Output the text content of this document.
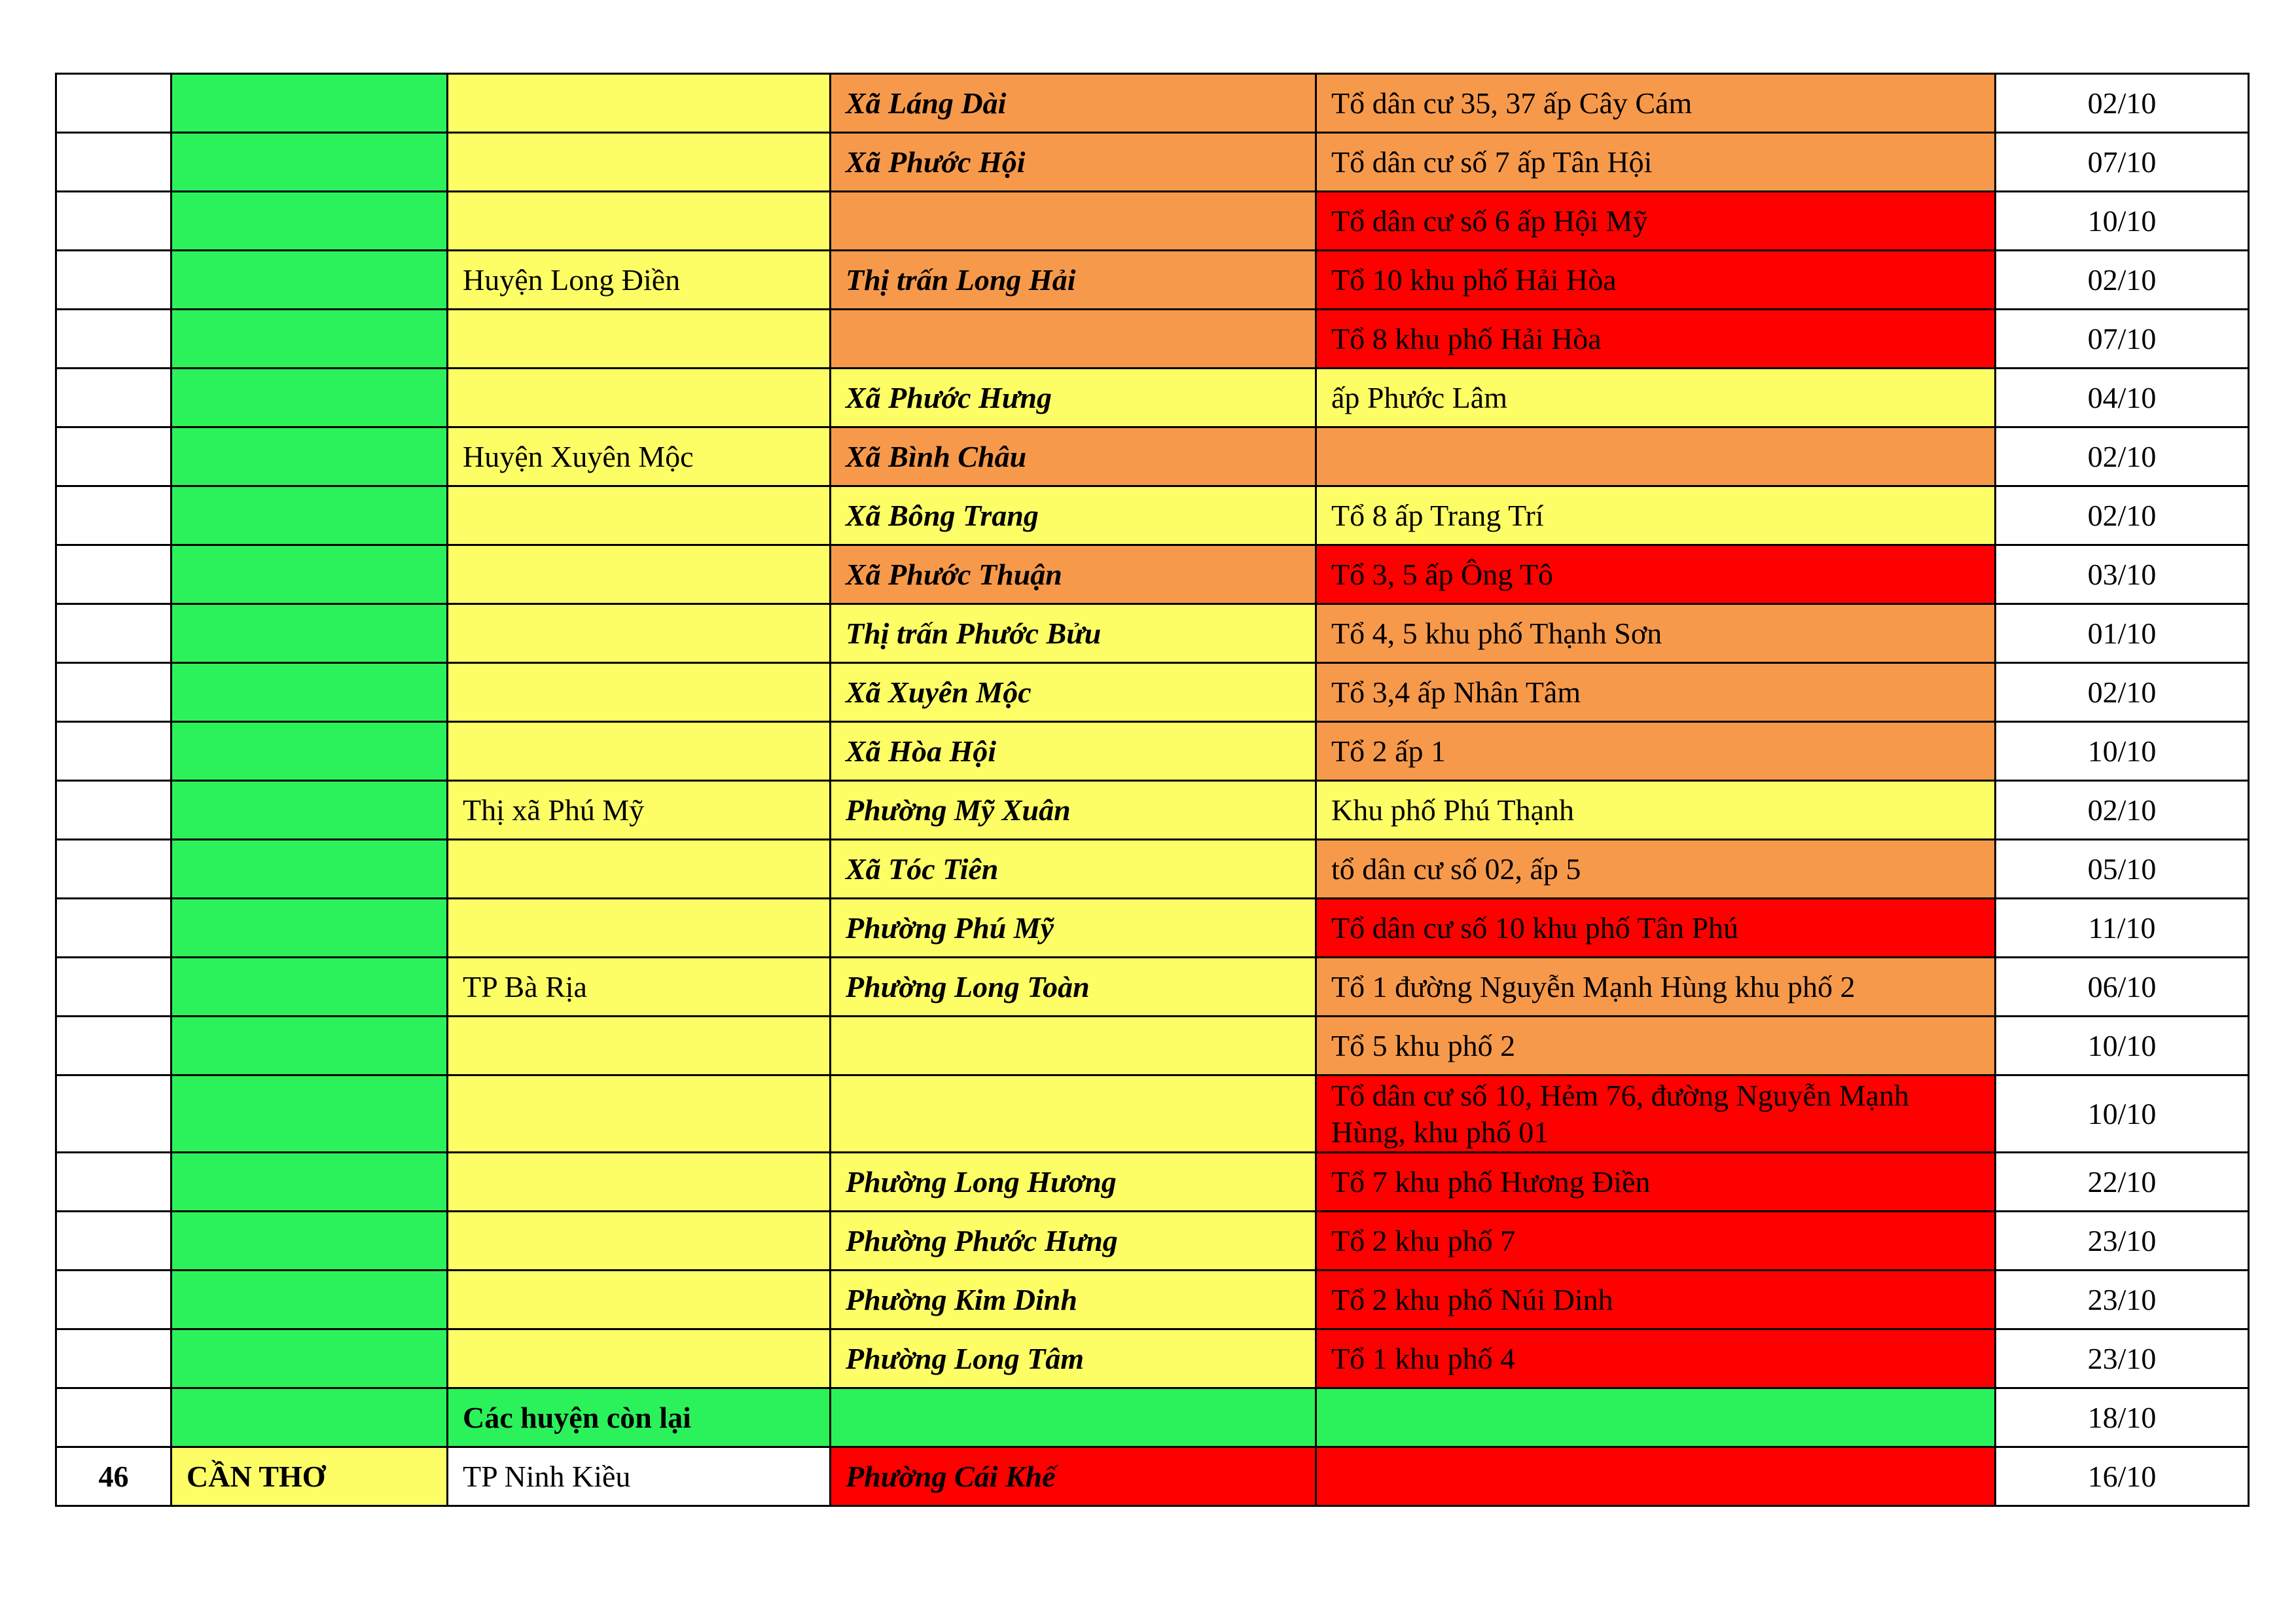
			Xã Láng Dài	Tổ dân cư 35, 37 ấp Cây Cám	02/10
			Xã Phước Hội	Tổ dân cư số 7 ấp Tân Hội	07/10
				Tổ dân cư số 6 ấp Hội Mỹ	10/10
		Huyện Long Điền	Thị trấn Long Hải	Tổ 10 khu phố Hải Hòa	02/10
				Tổ 8 khu phố Hải Hòa	07/10
			Xã Phước Hưng	ấp Phước Lâm	04/10
		Huyện Xuyên Mộc	Xã Bình Châu		02/10
			Xã Bông Trang	Tổ 8 ấp Trang Trí	02/10
			Xã Phước Thuận	Tổ 3, 5 ấp Ông Tô	03/10
			Thị trấn Phước Bửu	Tổ 4, 5 khu phố Thạnh Sơn	01/10
			Xã Xuyên Mộc	Tổ 3,4 ấp Nhân Tâm	02/10
			Xã Hòa Hội	Tổ 2 ấp 1	10/10
		Thị xã Phú Mỹ	Phường Mỹ Xuân	Khu phố Phú Thạnh	02/10
			Xã Tóc Tiên	tổ dân cư số 02, ấp 5	05/10
			Phường Phú Mỹ	Tổ dân cư số 10 khu phố Tân Phú	11/10
		TP Bà Rịa	Phường Long Toàn	Tổ 1 đường Nguyễn Mạnh Hùng khu phố 2	06/10
				Tổ 5 khu phố 2	10/10
				Tổ dân cư số 10, Hẻm 76, đường Nguyễn Mạnh Hùng, khu phố 01	10/10
			Phường Long Hương	Tổ 7 khu phố Hương Điền	22/10
			Phường Phước Hưng	Tổ 2 khu phố 7	23/10
			Phường Kim Dinh	Tổ 2 khu phố Núi Dinh	23/10
			Phường Long Tâm	Tổ 1 khu phố 4	23/10
		Các huyện còn lại			18/10
46	CẦN THƠ	TP Ninh Kiều	Phường Cái Khế		16/10
